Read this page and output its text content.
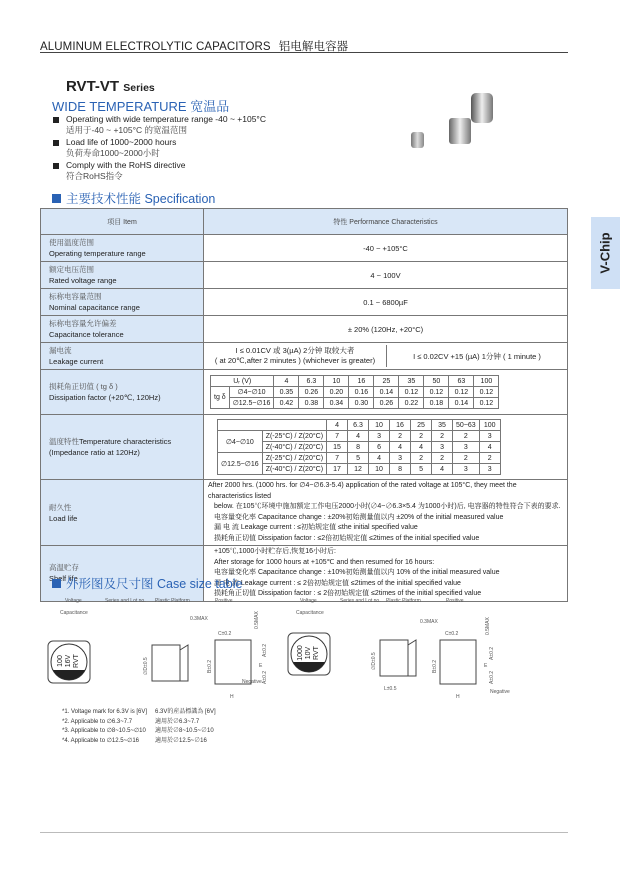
ALUMINUM ELECTROLYTIC CAPACITORS 铝电解电容器
RVT-VT Series
WIDE TEMPERATURE 宽温品
Operating with wide temperature range -40 ~ +105°C
适用于-40 ~ +105°C 的宽温范围
Load life of 1000~2000 hours
负荷寿命1000~2000小时
Comply with the RoHS directive
符合RoHS指令
V-Chip
主要技术性能 Specification
项目 Item	特性 Performance Characteristics

使用温度范围
Operating temperature range
	-40 ~ +105°C

额定电压范围
Rated voltage range
	4 ~ 100V

标称电容量范围
Nominal capacitance range
	0.1 ~ 6800µF

标称电容量允许偏差
Capacitance tolerance
	± 20% (120Hz, +20°C)

漏电流
Leakage current

I ≤ 0.01CV 或 3(µA) 2分钟 取较大者
( at 20℃,after 2 minutes ) (whichever is greater)	I ≤ 0.02CV +15 (µA) 1分钟 ( 1 minute )

损耗角正切值 ( tg δ )
Dissipation factor (+20℃, 120Hz)

Uᵣ (V)	4	6.3	10	16	25	35	50	63	100
tg δ	∅4~∅10	0.35	0.26	0.20	0.16	0.14	0.12	0.12	0.12	0.12
∅12.5~∅16	0.42	0.38	0.34	0.30	0.26	0.22	0.18	0.14	0.12

温度特性Temperature characteristics
(Impedance ratio at 120Hz)

	4	6.3	10	16	25	35	50~63	100
∅4~∅10	Z(-25°C) / Z(20°C)	7	4	3	2	2	2	2	3
Z(-40°C) / Z(20°C)	15	8	6	4	4	3	3	4
∅12.5~∅16	Z(-25°C) / Z(20°C)	7	5	4	3	2	2	2	2
Z(-40°C) / Z(20°C)	17	12	10	8	5	4	3	3

耐久性
Load life

After 2000 hrs. (1000 hrs. for ∅4~∅6.3-5.4) application of the rated voltage at 105°C, they meet the characteristics listed
below. 在105℃环境中施加额定工作电压2000小时(∅4~∅6.3×5.4 为1000小时)后, 电容器的特性符合下表的要求.
电容量变化率 Capacitance change : ±20%初始测量值以内 ±20% of the initial measured value
漏 电 流 Leakage current : ≤初始规定值 ≤the initial specified value
损耗角正切值 Dissipation factor : ≤2倍初始规定值 ≤2times of the initial specified value

高温贮存
Shelf life

+105℃,1000小时贮存后,恢复16小时后:
After storage for 1000 hours at +105℃ and then resumed for 16 hours:
电容量变化率 Capacitance change : ±10%初始测量值以内 10% of the initial measured value
漏 电 流 Leakage current : ≤ 2倍初始规定值 ≤2times of the initial specified value
损耗角正切值 Dissipation factor : ≤ 2倍初始规定值 ≤2times of the initial specified value
外形图及尺寸图 Case size table
Voltage	Series and Lot no.
Capacitance
Plastic Platform	Positive
100 16V RVT	∅D±0.5	B±0.2
0.5MAX
A±0.2
A±0.2
E
H
0.3MAX
C±0.2
Negative
Voltage	Series and Lot no.
Capacitance
Plastic Platform	Positive
1000 10V RVT	∅D±0.5
L±0.5
0.3MAX
B±0.2
0.5MAX
A±0.2
A±0.2
E
H
C±0.2
Negative
*1. Voltage mark for 6.3V is [6V]
*2. Applicable to ∅6.3~7.7
*3. Applicable to ∅8~10.5~∅10
*4. Applicable to ∅12.5~∅16
6.3V的産品標識為 [6V]
適用於∅6.3~7.7
適用於∅8~10.5~∅10
適用於∅12.5~∅16
